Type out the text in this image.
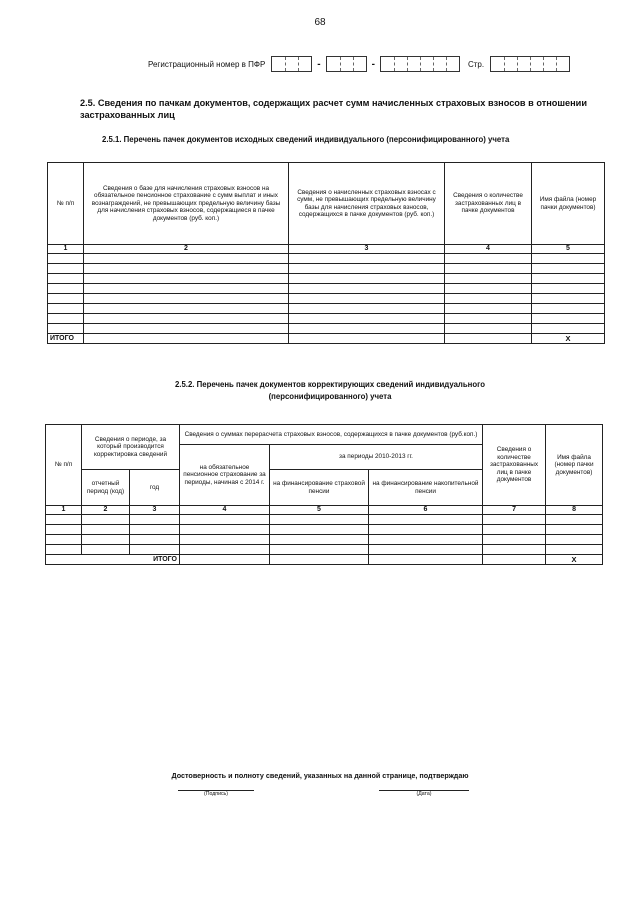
68
Регистрационный номер в ПФР	-	-	Стр.
2.5. Сведения по пачкам документов, содержащих расчет сумм начисленных страховых взносов в отношении застрахованных лиц
2.5.1. Перечень пачек документов исходных сведений индивидуального (персонифицированного) учета
№ п/п	Сведения о базе для начисления страховых взносов на обязательное пенсионное страхование с сумм выплат и иных вознаграждений, не превышающих предельную величину базы для начисления страховых взносов, содержащиеся в пачке документов (руб. коп.)	Сведения о начисленных страховых взносах с сумм, не превышающих предельную величину базы для начисления страховых взносов, содержащихся в пачке документов (руб. коп.)	Сведения о количестве застрахованных лиц в пачке документов	Имя файла (номер пачки документов)
1	2	3	4	5

ИТОГО				Х
2.5.2. Перечень пачек документов корректирующих сведений индивидуального (персонифицированного) учета
№ п/п	Сведения о периоде, за который производится корректировка сведений		Сведения о суммах перерасчета страховых взносов, содержащихся в пачке документов (руб.коп.)			Сведения о количестве застрахованных лиц в пачке документов	Имя файла (номер пачки документов)
			на обязательное пенсионное страхование за периоды, начиная с 2014 г.	за периоды 2010-2013 гг.			
	отчетный период (код)	год		на финансирование страховой пенсии	на финансирование накопительной пенсии		
1	2	3	4	5	6	7	8

ИТОГО							Х
Достоверность и полноту сведений, указанных на данной странице, подтверждаю
(Подпись)	(Дата)
